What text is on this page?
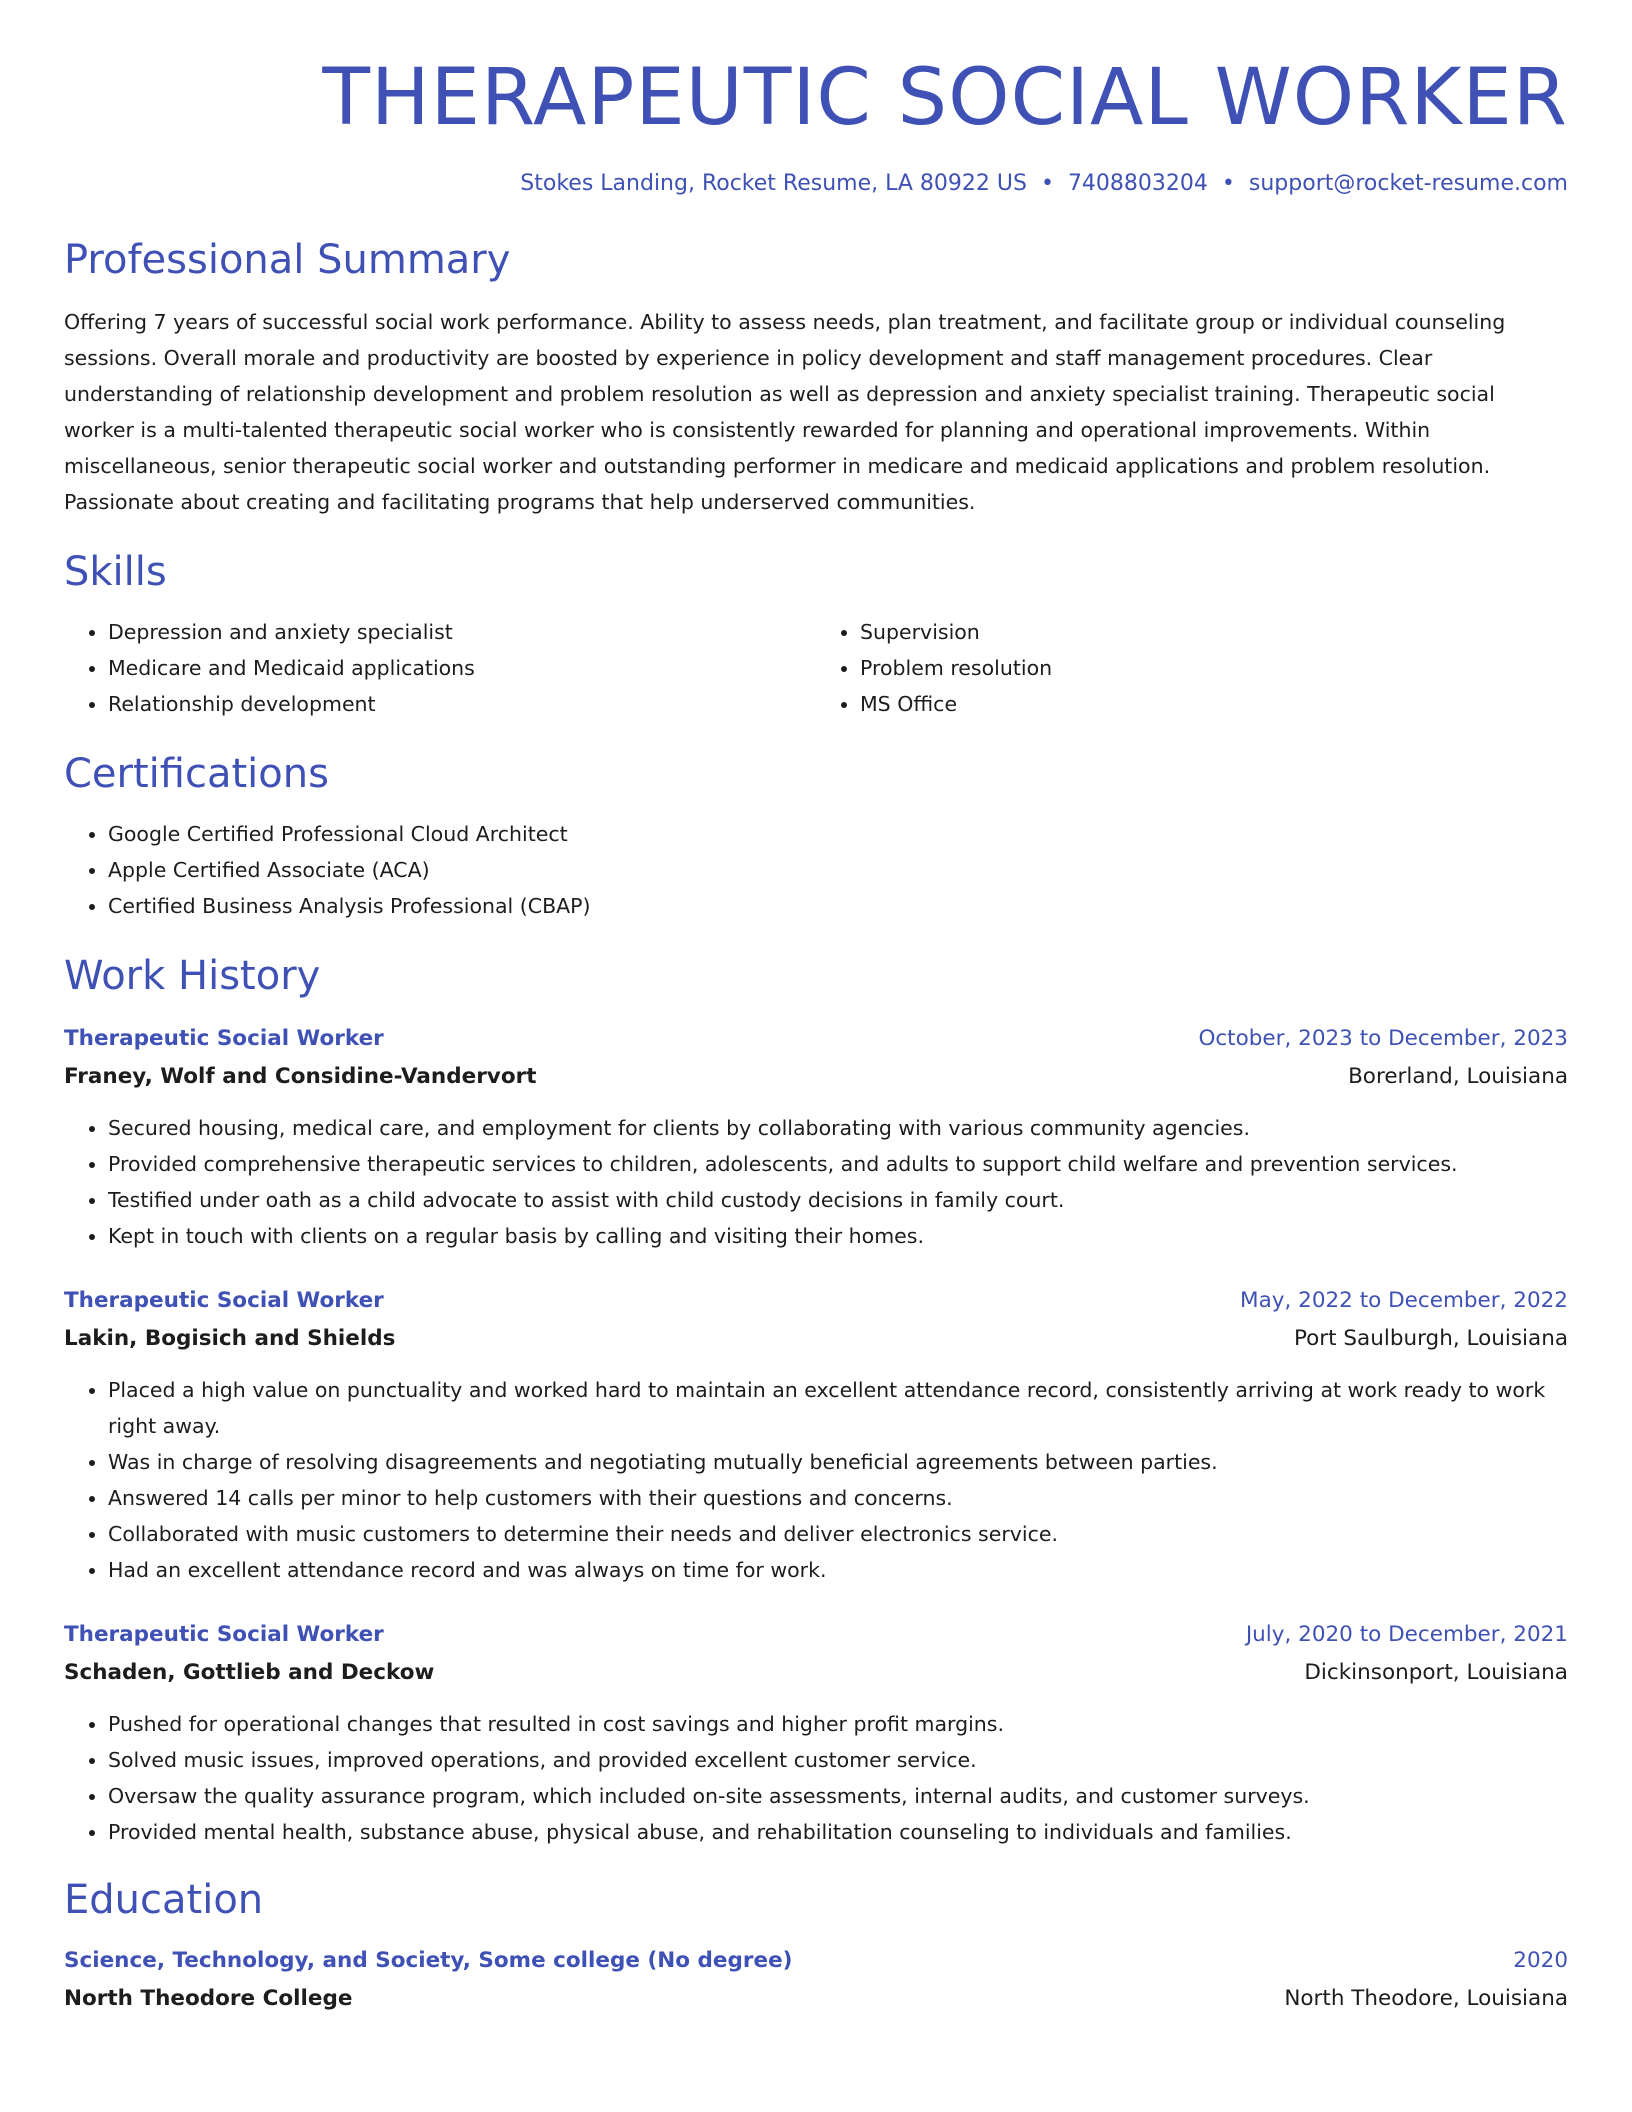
THERAPEUTIC SOCIAL WORKER
Stokes Landing, Rocket Resume, LA 80922 US • 7408803204 • support@rocket-resume.com
Professional Summary

Offering 7 years of successful social work performance. Ability to assess needs, plan treatment, and facilitate group or individual counseling sessions. Overall morale and productivity are boosted by experience in policy development and staff management procedures. Clear understanding of relationship development and problem resolution as well as depression and anxiety specialist training. Therapeutic social worker is a multi-talented therapeutic social worker who is consistently rewarded for planning and operational improvements. Within miscellaneous, senior therapeutic social worker and outstanding performer in medicare and medicaid applications and problem resolution. Passionate about creating and facilitating programs that help underserved communities.

Skills
• Depression and anxiety specialist
• Medicare and Medicaid applications
• Relationship development
• Supervision
• Problem resolution
• MS Office
Certifications
• Google Certified Professional Cloud Architect
• Apple Certified Associate (ACA)
• Certified Business Analysis Professional (CBAP)
Work History
Therapeutic Social Worker	October, 2023 to December, 2023
Franey, Wolf and Considine-Vandervort	Borerland, Louisiana
• Secured housing, medical care, and employment for clients by collaborating with various community agencies.
• Provided comprehensive therapeutic services to children, adolescents, and adults to support child welfare and prevention services.
• Testified under oath as a child advocate to assist with child custody decisions in family court.
• Kept in touch with clients on a regular basis by calling and visiting their homes.
Therapeutic Social Worker	May, 2022 to December, 2022
Lakin, Bogisich and Shields	Port Saulburgh, Louisiana
• Placed a high value on punctuality and worked hard to maintain an excellent attendance record, consistently arriving at work ready to work right away.
• Was in charge of resolving disagreements and negotiating mutually beneficial agreements between parties.
• Answered 14 calls per minor to help customers with their questions and concerns.
• Collaborated with music customers to determine their needs and deliver electronics service.
• Had an excellent attendance record and was always on time for work.
Therapeutic Social Worker	July, 2020 to December, 2021
Schaden, Gottlieb and Deckow	Dickinsonport, Louisiana
• Pushed for operational changes that resulted in cost savings and higher profit margins.
• Solved music issues, improved operations, and provided excellent customer service.
• Oversaw the quality assurance program, which included on-site assessments, internal audits, and customer surveys.
• Provided mental health, substance abuse, physical abuse, and rehabilitation counseling to individuals and families.
Education
Science, Technology, and Society, Some college (No degree)	2020
North Theodore College	North Theodore, Louisiana
